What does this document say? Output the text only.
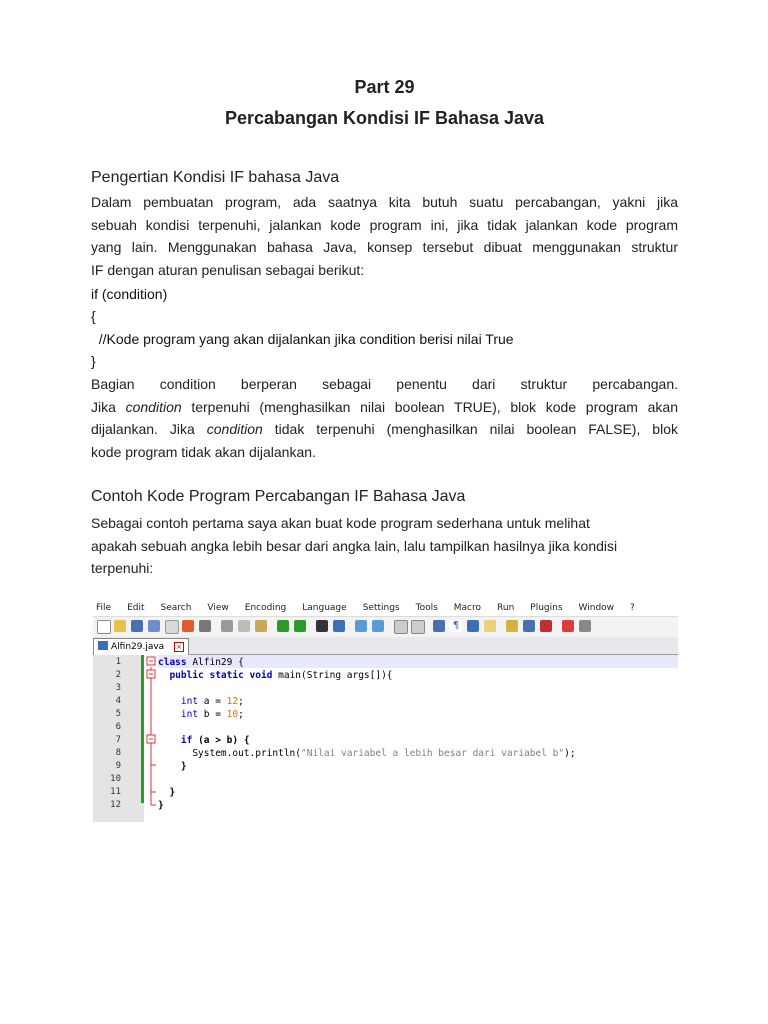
Part 29
Percabangan Kondisi IF Bahasa Java
Pengertian Kondisi IF bahasa Java
Dalam pembuatan program, ada saatnya kita butuh suatu percabangan, yakni jika
sebuah kondisi terpenuhi, jalankan kode program ini, jika tidak jalankan kode program
yang lain. Menggunakan bahasa Java, konsep tersebut dibuat menggunakan struktur
IF dengan aturan penulisan sebagai berikut:
if (condition)
{
//Kode program yang akan dijalankan jika condition berisi nilai True
}
Bagian condition berperan sebagai penentu dari struktur percabangan.
Jika condition terpenuhi (menghasilkan nilai boolean TRUE), blok kode program akan
dijalankan. Jika condition tidak terpenuhi (menghasilkan nilai boolean FALSE), blok
kode program tidak akan dijalankan.
Contoh Kode Program Percabangan IF Bahasa Java
Sebagai contoh pertama saya akan buat kode program sederhana untuk melihat
apakah sebuah angka lebih besar dari angka lain, lalu tampilkan hasilnya jika kondisi
terpenuhi:
File Edit Search View Encoding Language Settings Tools Macro Run Plugins Window ?
¶
Alfin29.java ×
1
2
3
4
5
6
7
8
9
10
11
12
class Alfin29 {
public static void main(String args[]){
int a = 12;
int b = 10;
if (a > b) {
System.out.println("Nilai variabel a lebih besar dari variabel b");
}
}
}
